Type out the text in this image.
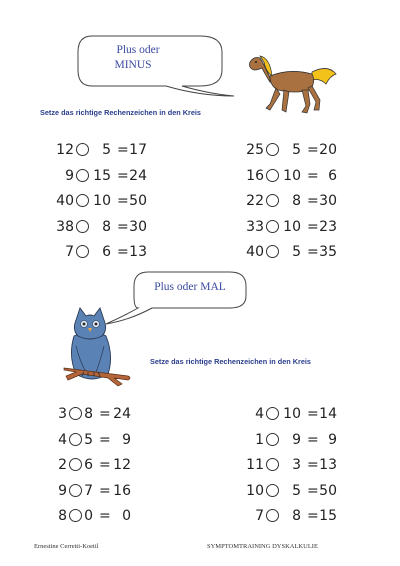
Plus oder
MINUS
Setze das richtige Rechenzeichen in den Kreis
12	5 = 17
9 15 = 24
40 10 = 50
38	8 = 30
7	6 = 13
25	5 = 20
16 10 = 6
22	8 = 30
33 10 = 23
40	5 = 35
Plus oder MAL
Setze das richtige Rechenzeichen in den Kreis
3 8 = 24
4 5 = 9
2 6 = 12
9 7 = 16
8 0 = 0
4 10 = 14
1	9 = 9
11	3 = 13
10	5 = 50
7	8 = 15
Ernestine Cerretti-Koetil	SYMPTOMTRAINING DYSKALKULIE
